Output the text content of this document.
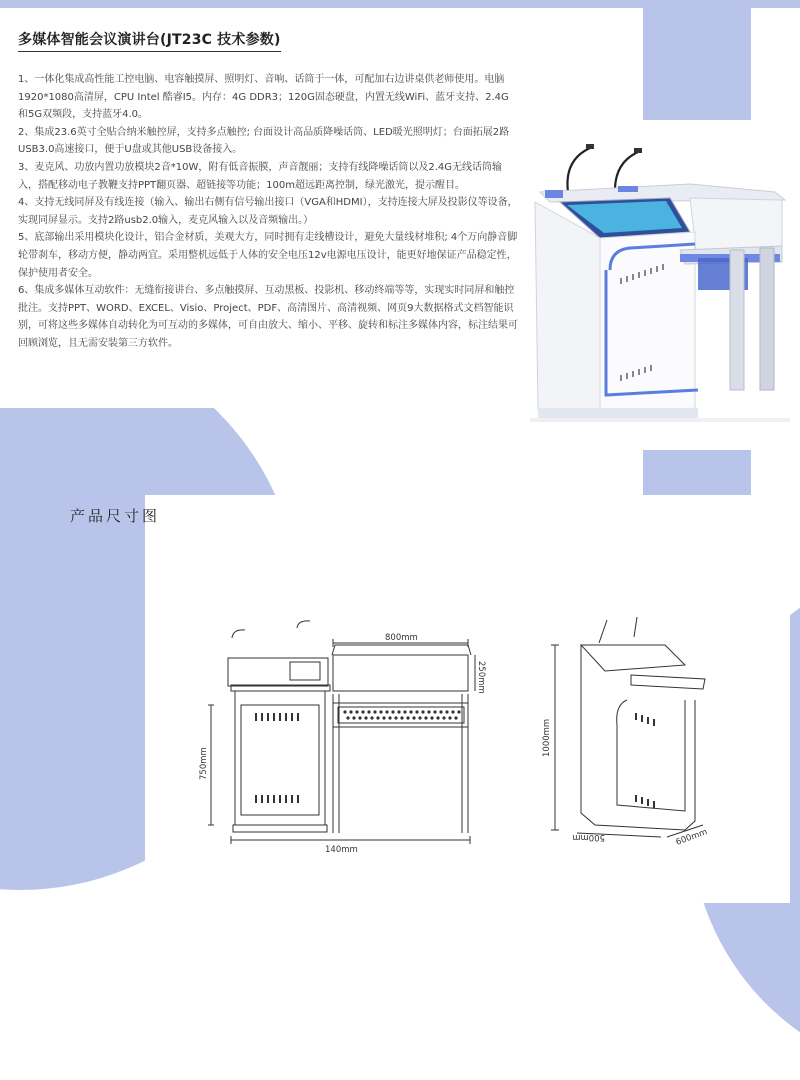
多媒体智能会议演讲台(JT23C 技术参数)

1、一体化集成高性能工控电脑、电容触摸屏、照明灯、音响、话筒于一体，可配加右边讲桌供老师使用。电脑1920*1080高清屏，CPU Intel 酷睿I5。内存：4G DDR3；120G固态硬盘，内置无线WiFi、蓝牙支持、2.4G和5G双频段，支持蓝牙4.0。

2、集成23.6英寸全贴合纳米触控屏，支持多点触控; 台面设计高品质降噪话筒、LED暖光照明灯；台面拓展2路USB3.0高速接口，便于U盘或其他USB设备接入。

3、麦克风、功放内置功放模块2音*10W，附有低音振膜，声音靓丽；支持有线降噪话筒以及2.4G无线话筒输入，搭配移动电子教鞭支持PPT翻页器、超链接等功能；100m超远距离控制，绿光激光，提示醒目。

4、支持无线同屏及有线连接（输入、输出右侧有信号输出接口（VGA和HDMI），支持连接大屏及投影仪等设备，实现同屏显示。支持2路usb2.0输入，麦克风输入以及音频输出。）

5、底部输出采用模块化设计，铝合金材质，美观大方，同时拥有走线槽设计，避免大量线材堆积; 4个万向静音脚轮带刹车，移动方便，静动两宜。采用整机远低于人体的安全电压12v电源电压设计，能更好地保证产品稳定性，保护使用者安全。

6、集成多媒体互动软件：无缝衔接讲台、多点触摸屏、互动黑板、投影机、移动终端等等，实现实时同屏和触控批注。支持PPT、WORD、EXCEL、Visio、Project、PDF、高清图片、高清视频、网页9大数据格式文档智能识别，可将这些多媒体自动转化为可互动的多媒体，可自由放大、缩小、平移、旋转和标注多媒体内容，标注结果可回顾浏览，且无需安装第三方软件。

产品尺寸图
800mm
250mm
750mm
140mm
1000mm
600mm
500mm
